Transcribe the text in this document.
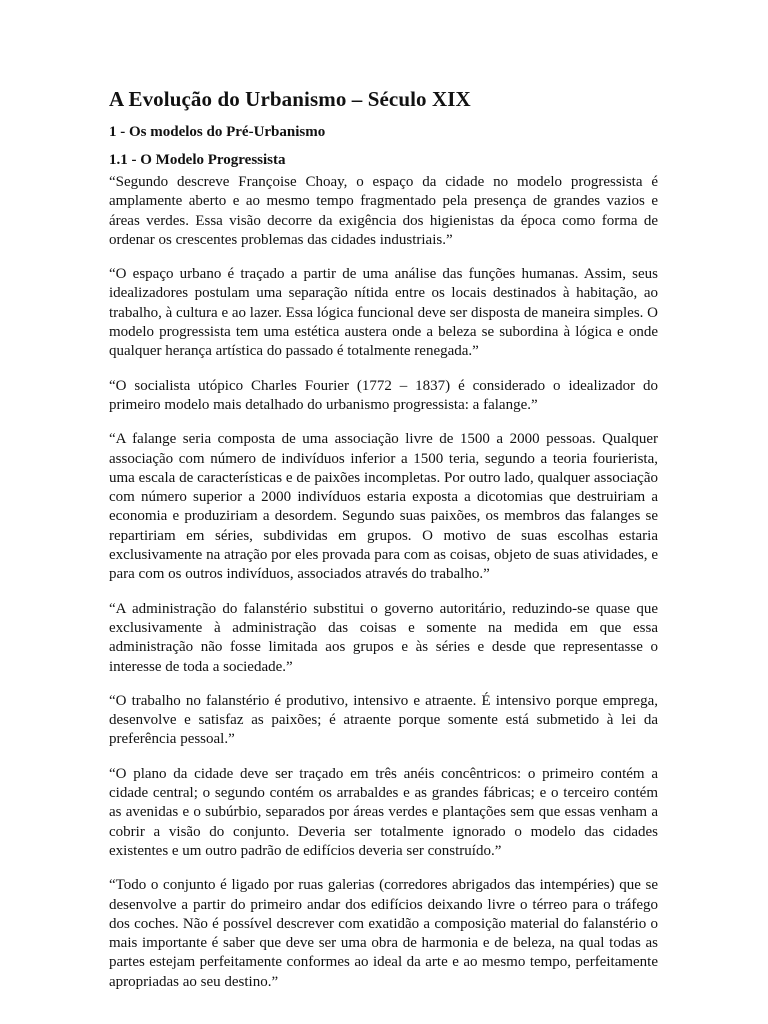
A Evolução do Urbanismo – Século XIX
1 - Os modelos do Pré-Urbanismo
1.1 - O Modelo Progressista

“Segundo descreve Françoise Choay, o espaço da cidade no modelo progressista é amplamente aberto e ao mesmo tempo fragmentado pela presença de grandes vazios e áreas verdes. Essa visão decorre da exigência dos higienistas da época como forma de ordenar os crescentes problemas das cidades industriais.”

“O espaço urbano é traçado a partir de uma análise das funções humanas. Assim, seus idealizadores postulam uma separação nítida entre os locais destinados à habitação, ao trabalho, à cultura e ao lazer. Essa lógica funcional deve ser disposta de maneira simples. O modelo progressista tem uma estética austera onde a beleza se subordina à lógica e onde qualquer herança artística do passado é totalmente renegada.”

“O socialista utópico Charles Fourier (1772 – 1837) é considerado o idealizador do primeiro modelo mais detalhado do urbanismo progressista: a falange.”

“A falange seria composta de uma associação livre de 1500 a 2000 pessoas. Qualquer associação com número de indivíduos inferior a 1500 teria, segundo a teoria fourierista, uma escala de características e de paixões incompletas. Por outro lado, qualquer associação com número superior a 2000 indivíduos estaria exposta a dicotomias que destruiriam a economia e produziriam a desordem. Segundo suas paixões, os membros das falanges se repartiriam em séries, subdividas em grupos. O motivo de suas escolhas estaria exclusivamente na atração por eles provada para com as coisas, objeto de suas atividades, e para com os outros indivíduos, associados através do trabalho.”

“A administração do falanstério substitui o governo autoritário, reduzindo-se quase que exclusivamente à administração das coisas e somente na medida em que essa administração não fosse limitada aos grupos e às séries e desde que representasse o interesse de toda a sociedade.”

“O trabalho no falanstério é produtivo, intensivo e atraente. É intensivo porque emprega, desenvolve e satisfaz as paixões; é atraente porque somente está submetido à lei da preferência pessoal.”

“O plano da cidade deve ser traçado em três anéis concêntricos: o primeiro contém a cidade central; o segundo contém os arrabaldes e as grandes fábricas; e o terceiro contém as avenidas e o subúrbio, separados por áreas verdes e plantações sem que essas venham a cobrir a visão do conjunto. Deveria ser totalmente ignorado o modelo das cidades existentes e um outro padrão de edifícios deveria ser construído.”

“Todo o conjunto é ligado por ruas galerias (corredores abrigados das intempéries) que se desenvolve a partir do primeiro andar dos edifícios deixando livre o térreo para o tráfego dos coches. Não é possível descrever com exatidão a composição material do falanstério o mais importante é saber que deve ser uma obra de harmonia e de beleza, na qual todas as partes estejam perfeitamente conformes ao ideal da arte e ao mesmo tempo, perfeitamente apropriadas ao seu destino.”
